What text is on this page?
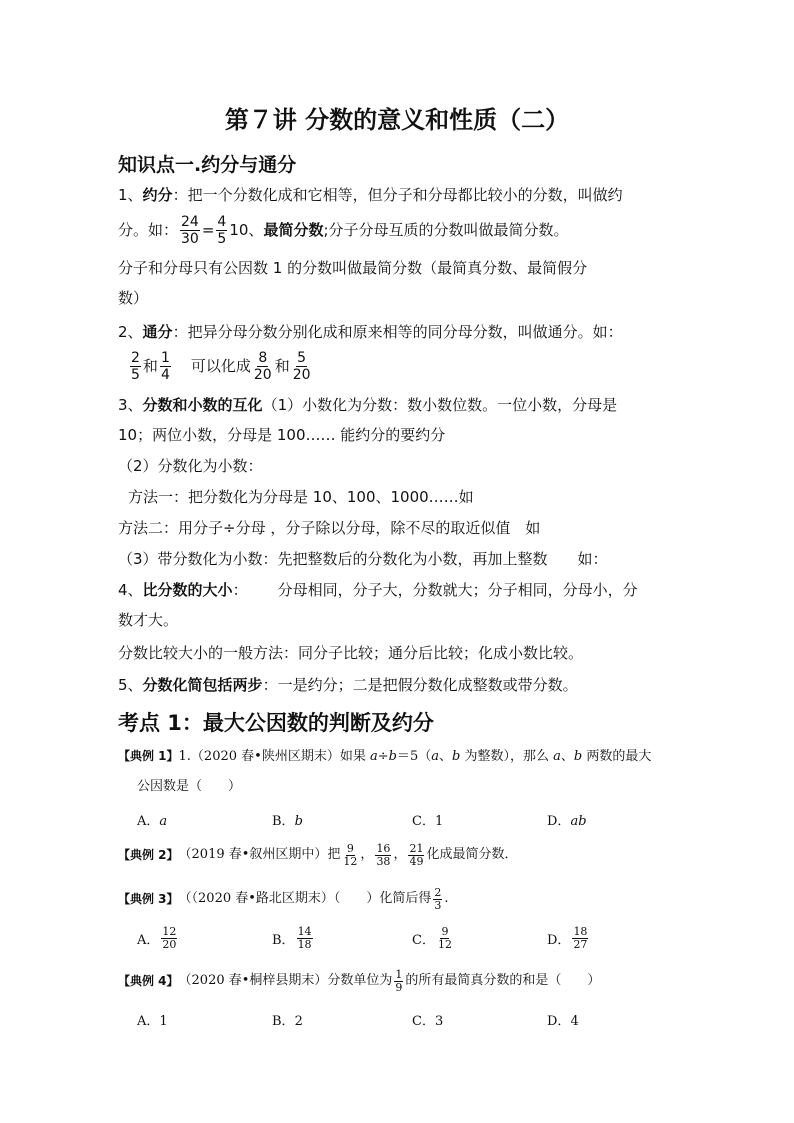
第７讲 分数的意义和性质（二）
知识点一.约分与通分
1、约分：把一个分数化成和它相等，但分子和分母都比较小的分数，叫做约
分。如： $\frac{24}{30} = \frac{4}{5} 10$、 最简分数 ;分子分母互质的分数叫做最简分数。
分子和分母只有公因数 1 的分数叫做最简分数（最简真分数、最简假分
数）
2、通分：把异分母分数分别化成和原来相等的同分母分数，叫做通分。如：
$\frac{2}{5}$ 和 $\frac{1}{4}$ 可以化成 $\frac{8}{20}$ 和 $\frac{5}{20}$
3、分数和小数的互化（1）小数化为分数：数小数位数。一位小数，分母是
10；两位小数，分母是 100…… 能约分的要约分
（2）分数化为小数：
方法一：把分数化为分母是 10、100、1000……如
方法二：用分子÷分母 ，分子除以分母，除不尽的取近似值　如
（3）带分数化为小数：先把整数后的分数化为小数，再加上整数　　如：
4、比分数的大小： 分母相同，分子大，分数就大；分子相同，分母小，分
数才大。
分数比较大小的一般方法：同分子比较；通分后比较；化成小数比较。
5、分数化简包括两步：一是约分；二是把假分数化成整数或带分数。
考点 1：最大公因数的判断及约分
【典例 1】1.（2020 春•陕州区期末）如果 a÷b＝5（a、b 为整数），那么 a、b 两数的最大
公因数是（　　）
A．a	B．b	C．1	D．ab
【典例 2】 （2019 春•叙州区期中）把 $\frac{9}{12}$ ， $\frac{16}{38}$ ， $\frac{21}{49}$ 化成最简分数．
【典例 3】 （（2020 春•路北区期末）（　　）化简后得 $\frac{2}{3}$ .
A． $\frac{12}{20}$	B． $\frac{14}{18}$	C． $\frac{9}{12}$	D． $\frac{18}{27}$
【典例 4】 （2020 春•桐梓县期末）分数单位为 $\frac{1}{9}$ 的所有最简真分数的和是（　　）
A．1	B．2	C．3	D．4
